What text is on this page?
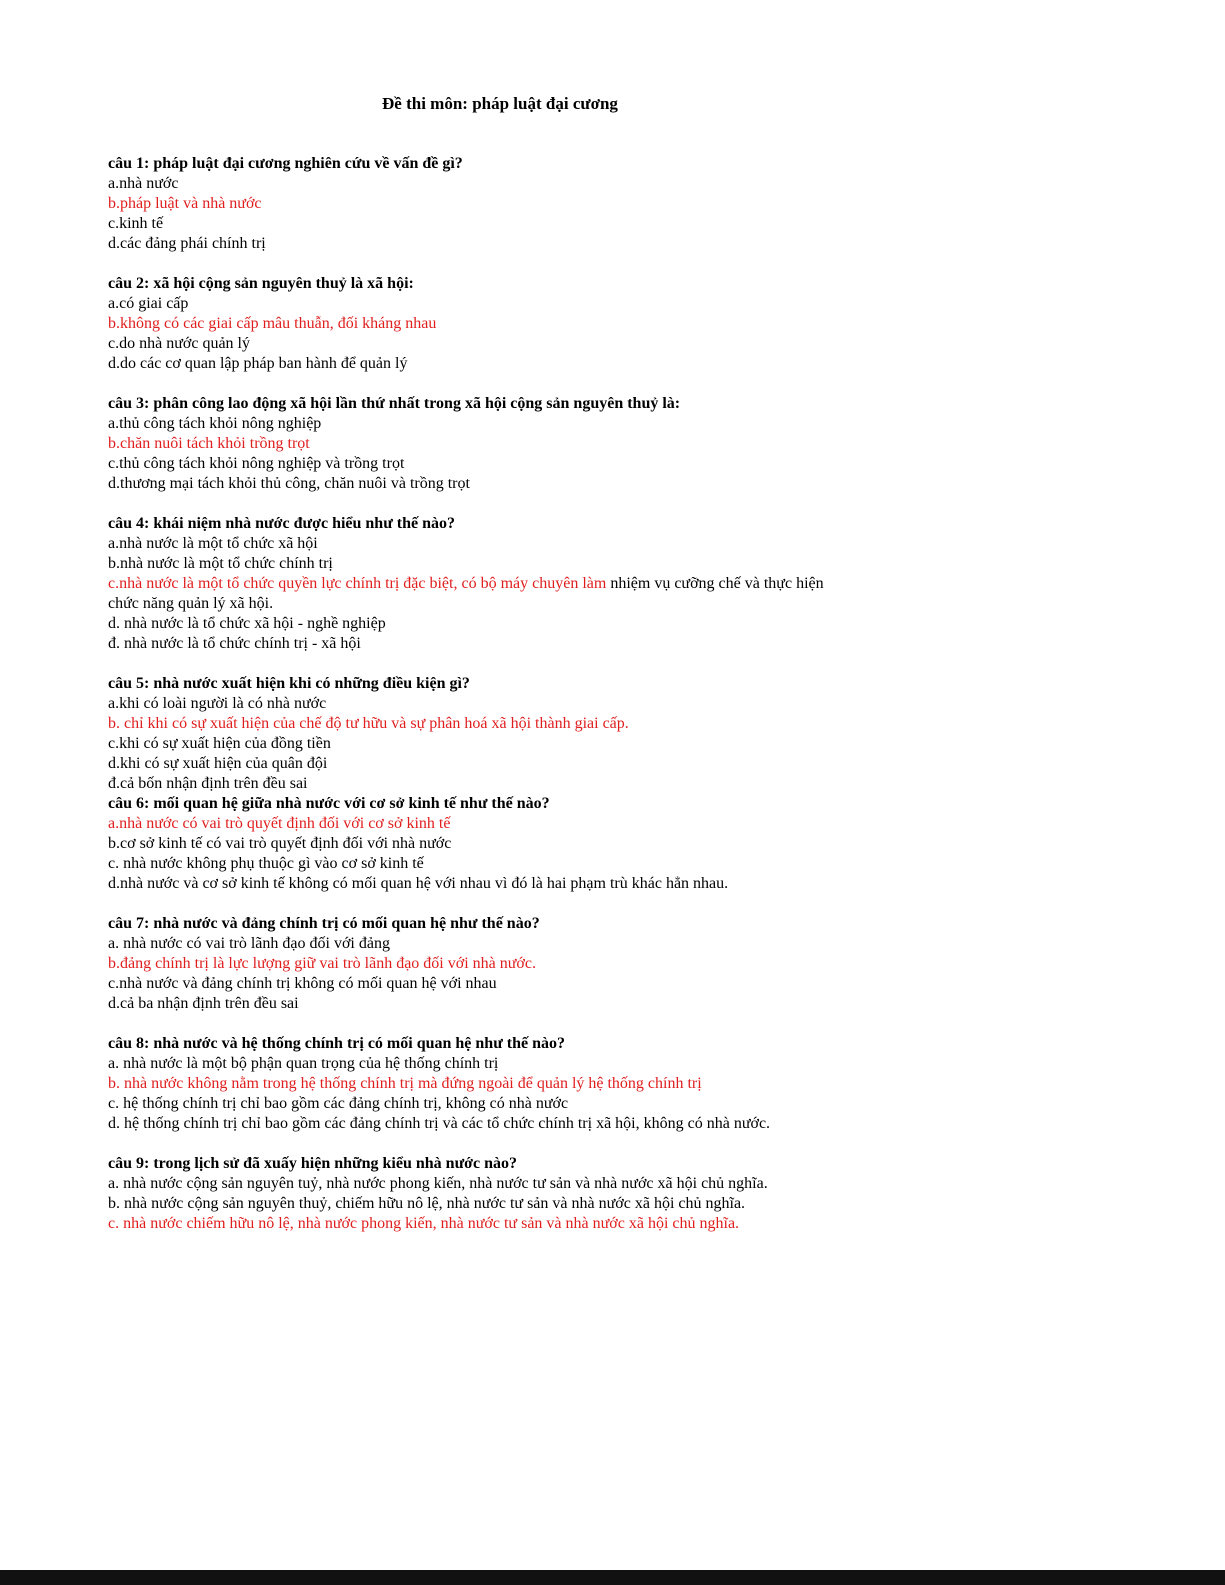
Đề thi môn: pháp luật đại cương

câu 1: pháp luật đại cương nghiên cứu về vấn đề gì?

a.nhà nước

b.pháp luật và nhà nước

c.kinh tế

d.các đảng phái chính trị

câu 2: xã hội cộng sản nguyên thuỷ là xã hội:

a.có giai cấp

b.không có các giai cấp mâu thuẫn, đối kháng nhau

c.do nhà nước quản lý

d.do các cơ quan lập pháp ban hành để quản lý

câu 3: phân công lao động xã hội lần thứ nhất trong xã hội cộng sản nguyên thuỷ là:

a.thủ công tách khỏi nông nghiệp

b.chăn nuôi tách khỏi trồng trọt

c.thủ công tách khỏi nông nghiệp và trồng trọt

d.thương mại tách khỏi thủ công, chăn nuôi và trồng trọt

câu 4: khái niệm nhà nước được hiểu như thế nào?

a.nhà nước là một tổ chức xã hội

b.nhà nước là một tổ chức chính trị

c.nhà nước là một tổ chức quyền lực chính trị đặc biệt, có bộ máy chuyên làm nhiệm vụ cưỡng chế và thực hiện

chức năng quản lý xã hội.

d. nhà nước là tổ chức xã hội - nghề nghiệp

đ. nhà nước là tổ chức chính trị - xã hội

câu 5: nhà nước xuất hiện khi có những điều kiện gì?

a.khi có loài người là có nhà nước

b. chỉ khi có sự xuất hiện của chế độ tư hữu và sự phân hoá xã hội thành giai cấp.

c.khi có sự xuất hiện của đồng tiền

d.khi có sự xuất hiện của quân đội

đ.cả bốn nhận định trên đều sai

câu 6: mối quan hệ giữa nhà nước với cơ sở kinh tế như thế nào?

a.nhà nước có vai trò quyết định đối với cơ sở kinh tế

b.cơ sở kinh tế có vai trò quyết định đối với nhà nước

c. nhà nước không phụ thuộc gì vào cơ sở kinh tế

d.nhà nước và cơ sở kinh tế không có mối quan hệ với nhau vì đó là hai phạm trù khác hẳn nhau.

câu 7: nhà nước và đảng chính trị có mối quan hệ như thế nào?

a. nhà nước có vai trò lãnh đạo đối với đảng

b.đảng chính trị là lực lượng giữ vai trò lãnh đạo đối với nhà nước.

c.nhà nước và đảng chính trị không có mối quan hệ với nhau

d.cả ba nhận định trên đều sai

câu 8: nhà nước và hệ thống chính trị có mối quan hệ như thế nào?

a. nhà nước là một bộ phận quan trọng của hệ thống chính trị

b. nhà nước không nằm trong hệ thống chính trị mà đứng ngoài để quản lý hệ thống chính trị

c. hệ thống chính trị chỉ bao gồm các đảng chính trị, không có nhà nước

d. hệ thống chính trị chỉ bao gồm các đảng chính trị và các tổ chức chính trị xã hội, không có nhà nước.

câu 9: trong lịch sử đã xuấy hiện những kiểu nhà nước nào?

a. nhà nước cộng sản nguyên tuỷ, nhà nước phong kiến, nhà nước tư sản và nhà nước xã hội chủ nghĩa.

b. nhà nước cộng sản nguyên thuỷ, chiếm hữu nô lệ, nhà nước tư sản và nhà nước xã hội chủ nghĩa.

c. nhà nước chiếm hữu nô lệ, nhà nước phong kiến, nhà nước tư sản và nhà nước xã hội chủ nghĩa.
